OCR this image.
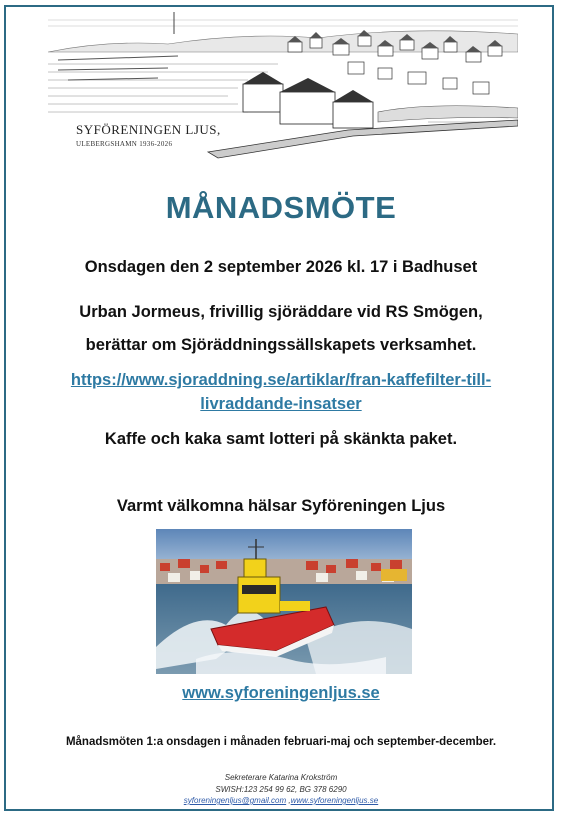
SYFÖRENINGEN LJUS,
ULEBERGSHAMN 1936-2026
MÅNADSMÖTE
Onsdagen den 2 september 2026 kl. 17 i Badhuset
Urban Jormeus, frivillig sjöräddare vid RS Smögen,
berättar om Sjöräddningssällskapets verksamhet.
https://www.sjoraddning.se/artiklar/fran-kaffefilter-till-
livraddande-insatser
Kaffe och kaka samt lotteri på skänkta paket.
Varmt välkomna hälsar Syföreningen Ljus
www.syforeningenljus.se
Månadsmöten 1:a onsdagen i månaden februari-maj och september-december.
Sekreterare Katarina Krokström
SWISH:123 254 99 62, BG 378 6290
syforeningenljus@gmail.com ,www.syforeningenljus.se
